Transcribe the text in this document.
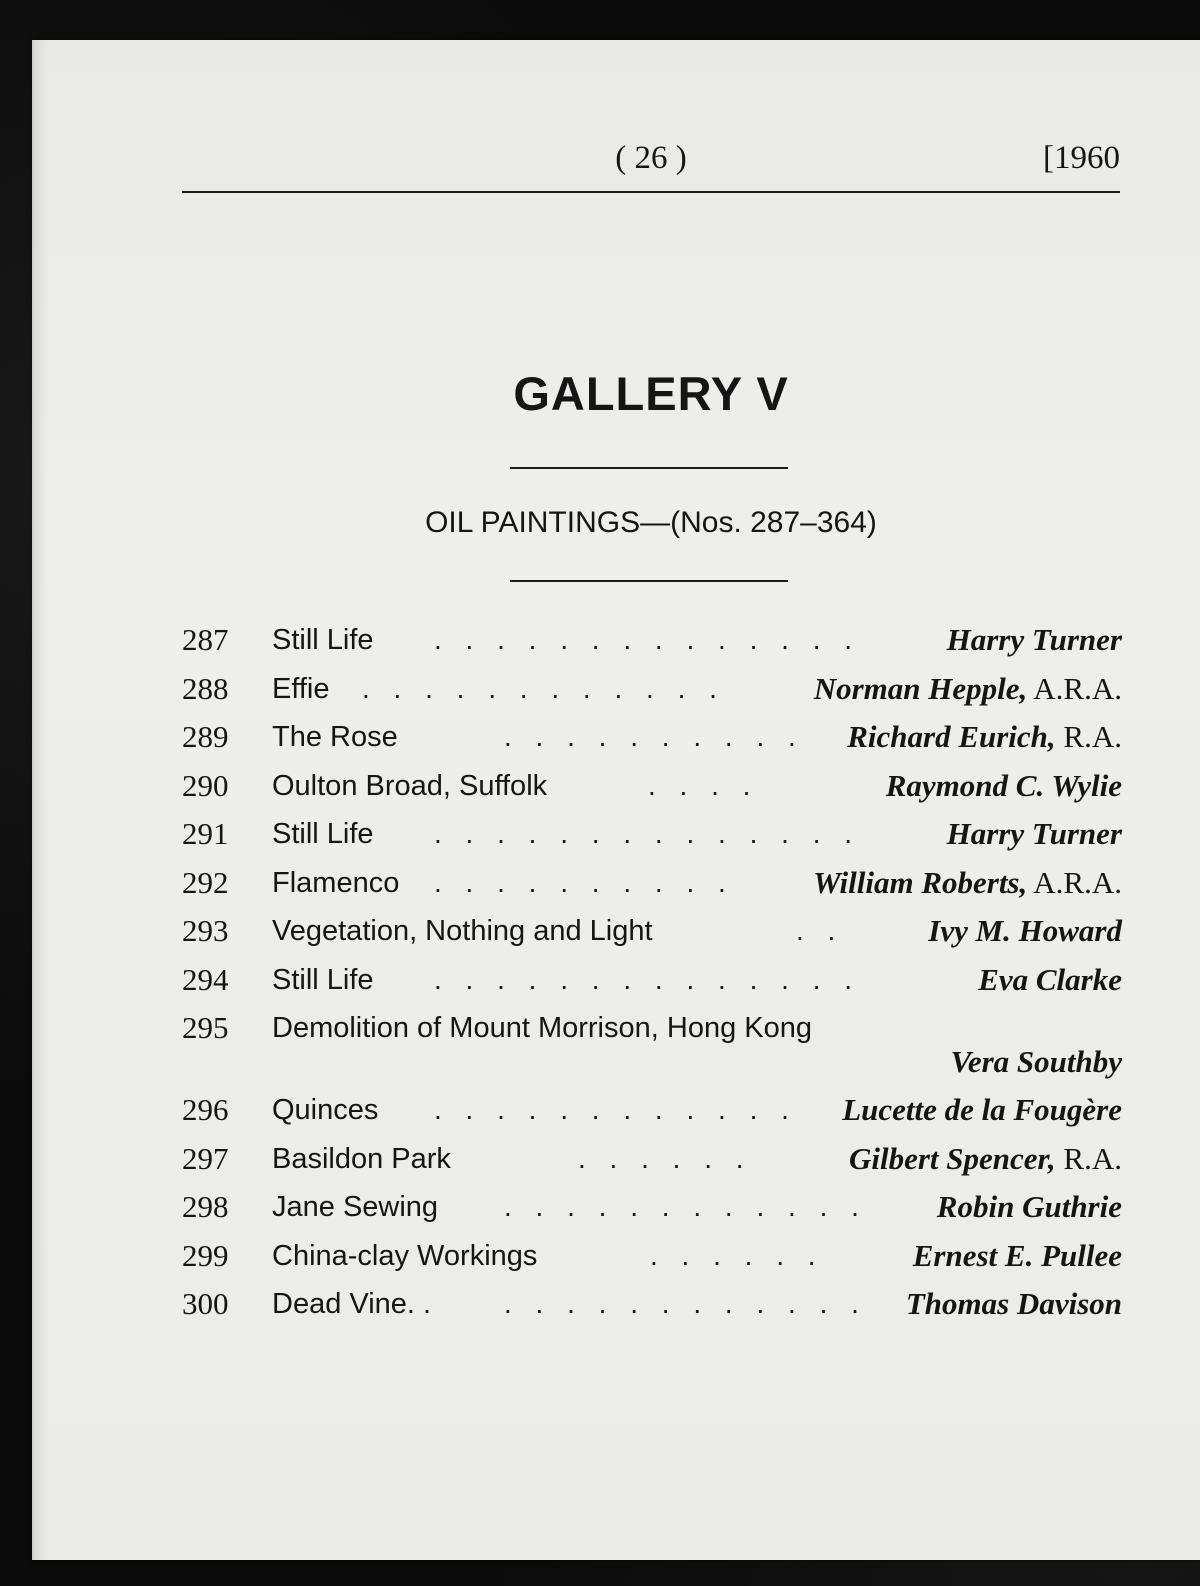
( 26 )	[1960
GALLERY V
OIL PAINTINGS—(Nos. 287–364)
287	Still Life . . . . . . . . . . . . . .	Harry Turner
288	Effie . . . . . . . . . . . .	Norman Hepple, A.R.A.
289	The Rose	. . . . . . . . . . Richard Eurich, R.A.
290	Oulton Broad, Suffolk	. . . .	Raymond C. Wylie
291	Still Life . . . . . . . . . . . . . .	Harry Turner
292	Flamenco . . . . . . . . . .	William Roberts, A.R.A.
293	Vegetation, Nothing and Light	. .	Ivy M. Howard
294	Still Life . . . . . . . . . . . . . .	Eva Clarke
295	Demolition of Mount Morrison, Hong Kong
Vera Southby
296	Quinces . . . . . . . . . . . . Lucette de la Fougère
297	Basildon Park	. . . . . .	Gilbert Spencer, R.A.
298	Jane Sewing . . . . . . . . . . . . Robin Guthrie
299	China-clay Workings	. . . . . .	Ernest E. Pullee
300	Dead Vine. .	. . . . . . . . . . . . Thomas Davison
